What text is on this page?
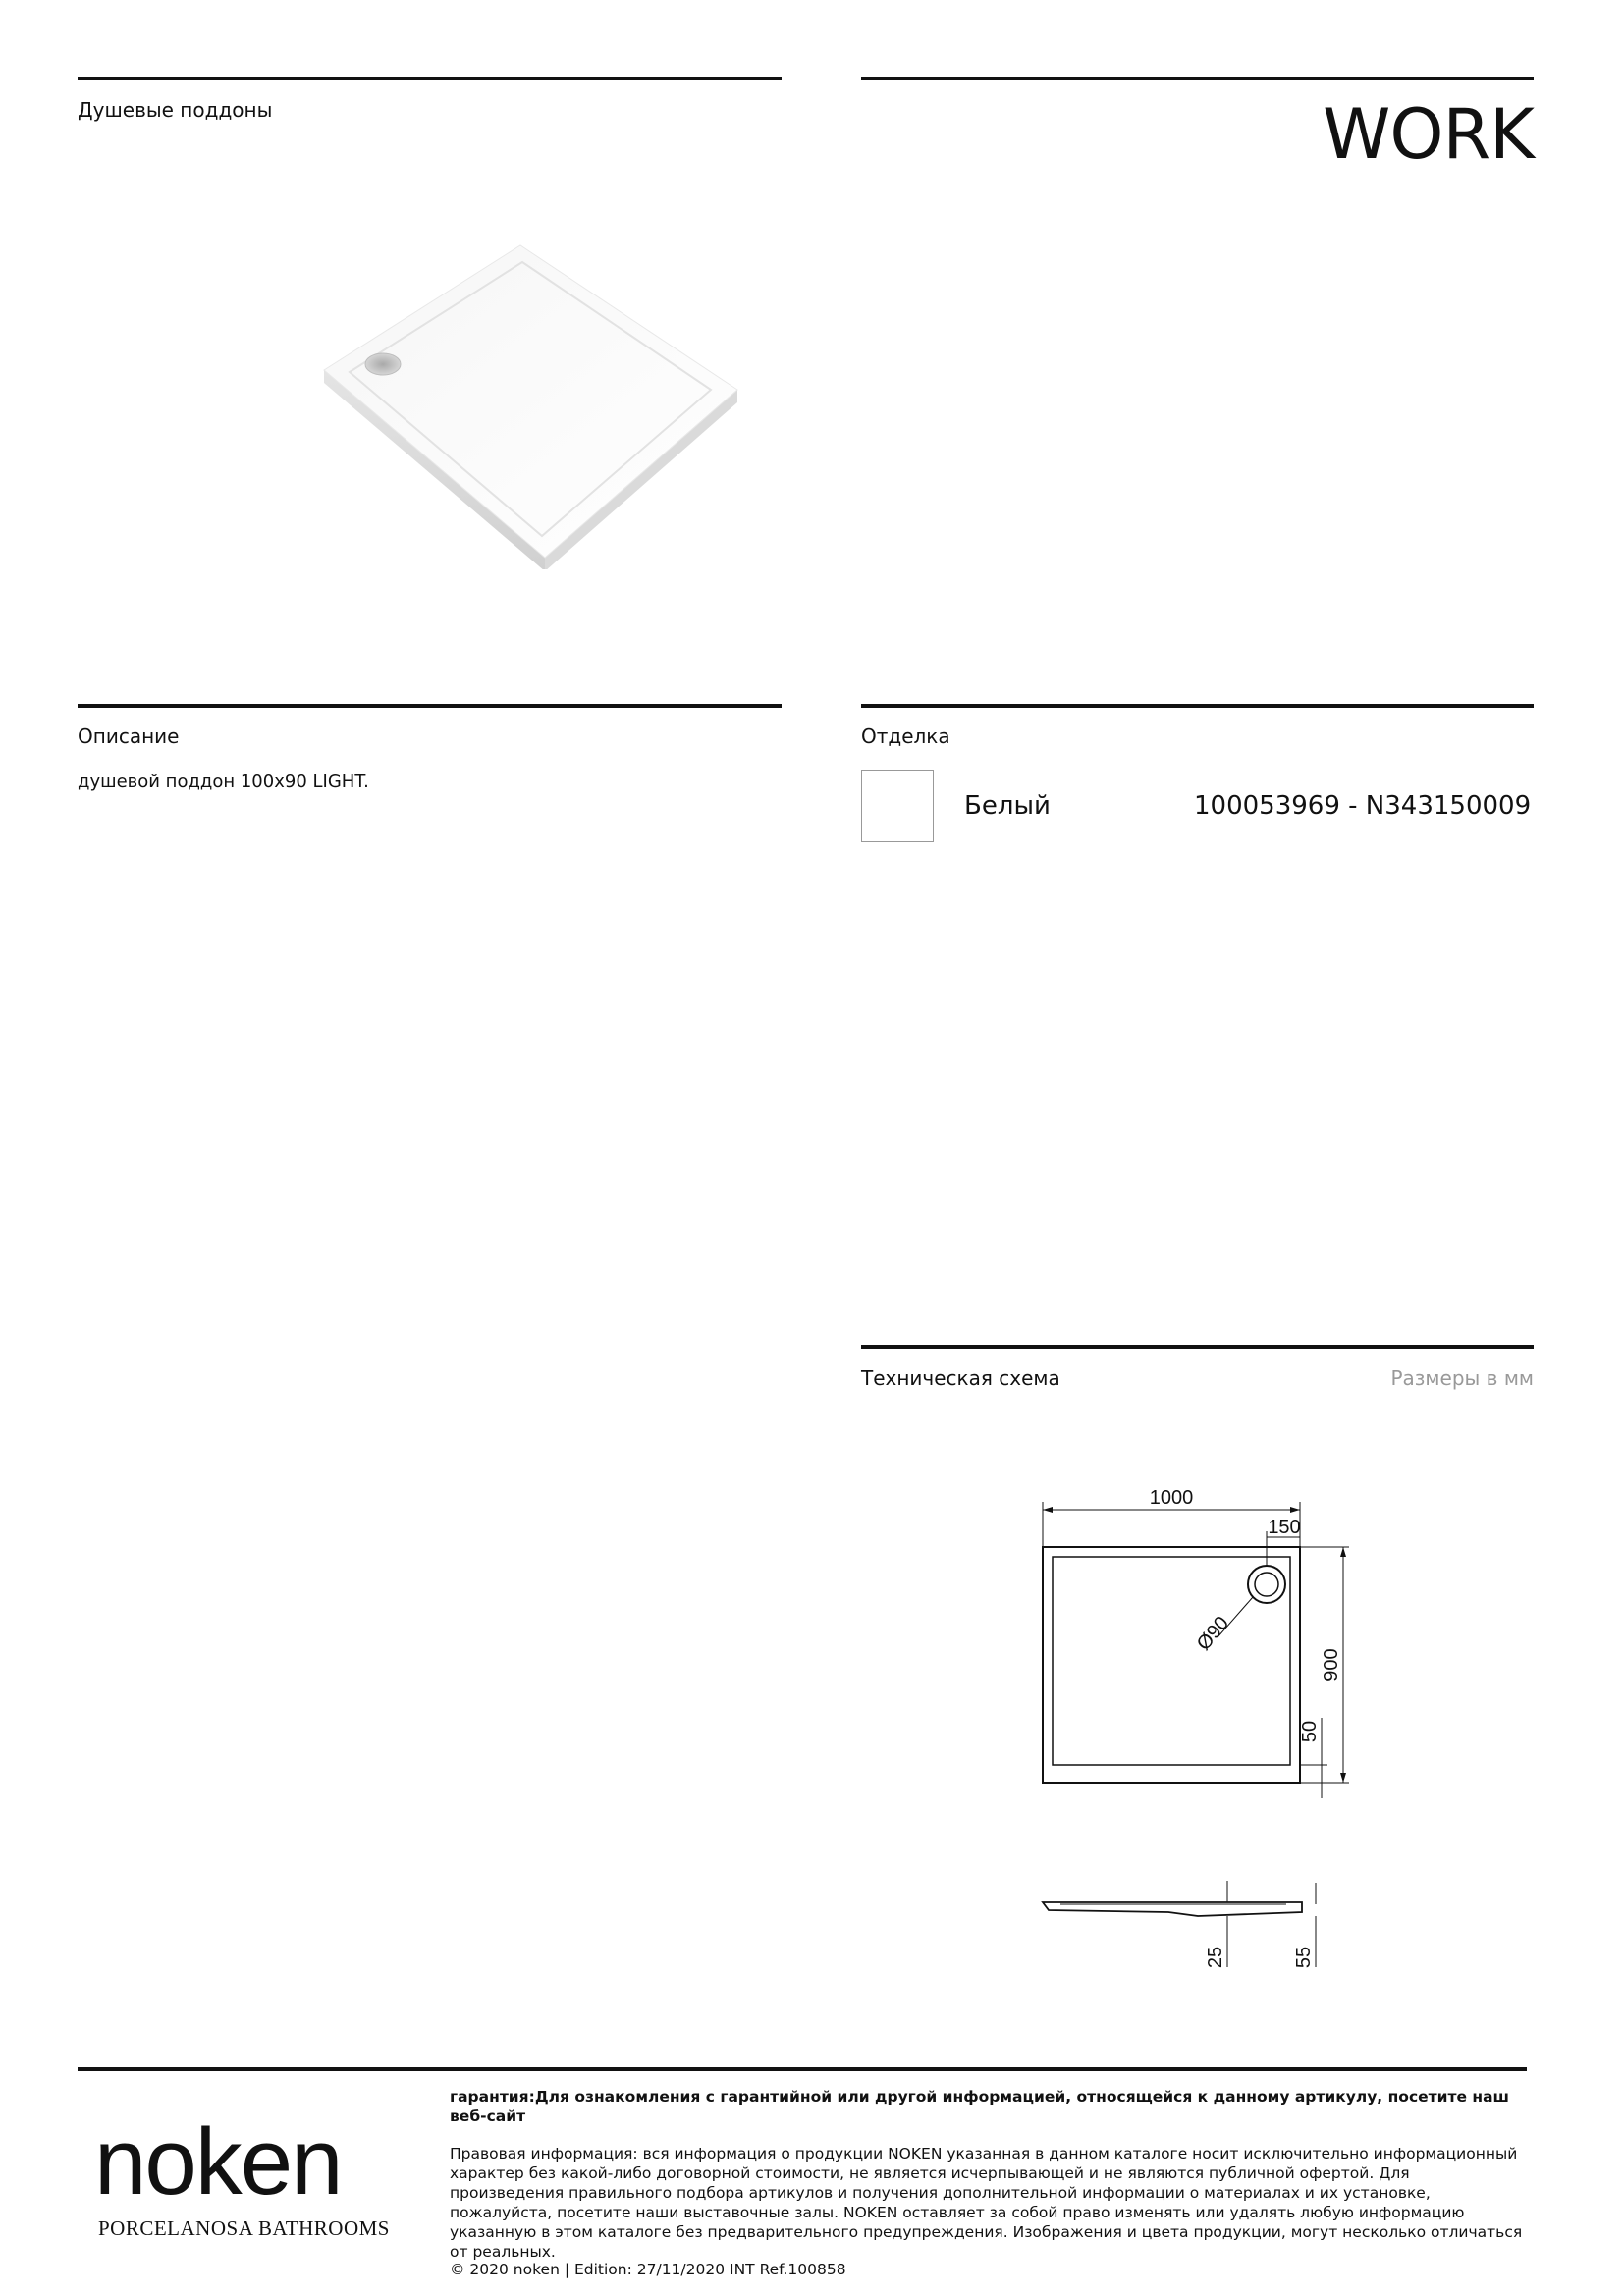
Душевые поддоны	WORK
Описание
душевой поддон 100x90 LIGHT.
Отделка
Белый	100053969 - N343150009
Техническая схема	Размеры в мм
1000
150
Ø90
900
50
25	55
noken
PORCELANOSA BATHROOMS
гарантия:Для ознакомления с гарантийной или другой информацией, относящейся к данному артикулу, посетите наш веб-сайт
Правовая информация: вся информация о продукции NOKEN указанная в данном каталоге носит исключительно информационный характер без какой-либо договорной стоимости, не является исчерпывающей и не являются публичной офертой. Для произведения правильного подбора артикулов и получения дополнительной информации о материалах и их установке, пожалуйста, посетите наши выставочные залы. NOKEN оставляет за собой право изменять или удалять любую информацию указанную в этом каталоге без предварительного предупреждения. Изображения и цвета продукции, могут несколько отличаться от реальных.
© 2020 noken | Edition: 27/11/2020 INT Ref.100858
